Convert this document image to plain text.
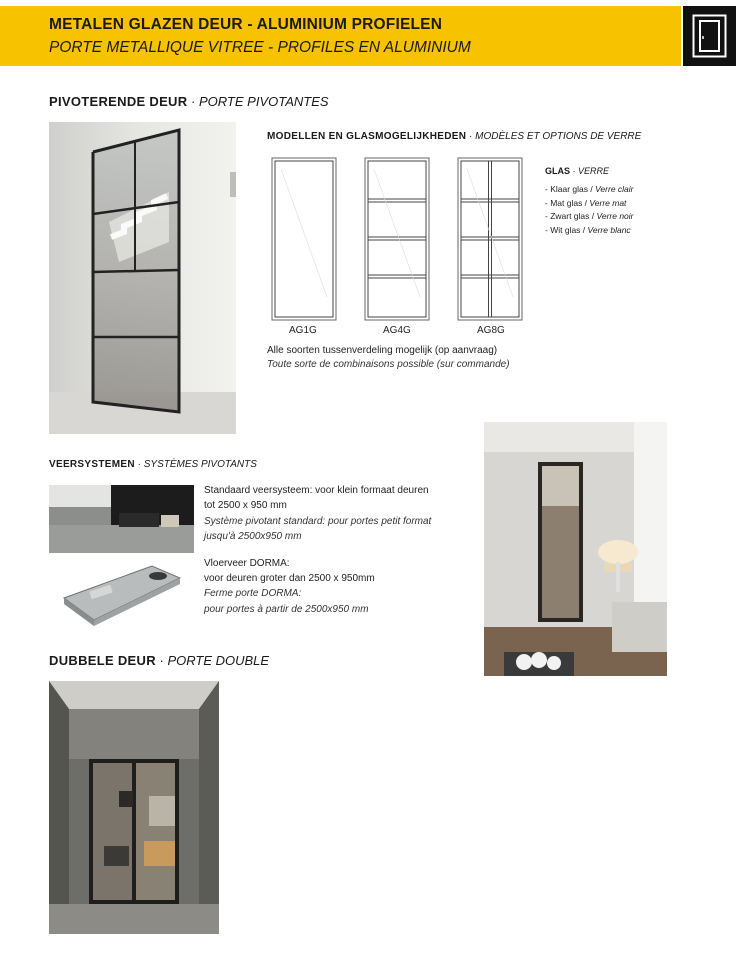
METALEN GLAZEN DEUR - ALUMINIUM PROFIELEN
PORTE METALLIQUE VITREE - PROFILES EN ALUMINIUM
PIVOTERENDE DEUR · PORTE PIVOTANTES
MODELLEN EN GLASMOGELIJKHEDEN · MODÈLES ET OPTIONS DE VERRE
AG1G	AG4G	AG8G
Alle soorten tussenverdeling mogelijk (op aanvraag)
Toute sorte de combinaisons possible (sur commande)
GLAS · VERRE
- Klaar glas / Verre clair
- Mat glas / Verre mat
- Zwart glas / Verre noir
- Wit glas / Verre blanc
VEERSYSTEMEN · SYSTÈMES PIVOTANTS
Standaard veersysteem: voor klein formaat deuren
tot 2500 x 950 mm
Système pivotant standard: pour portes petit format
jusqu'à 2500x950 mm
Vloerveer DORMA:
voor deuren groter dan 2500 x 950mm
Ferme porte DORMA:
pour portes à partir de 2500x950 mm
DUBBELE DEUR · PORTE DOUBLE
